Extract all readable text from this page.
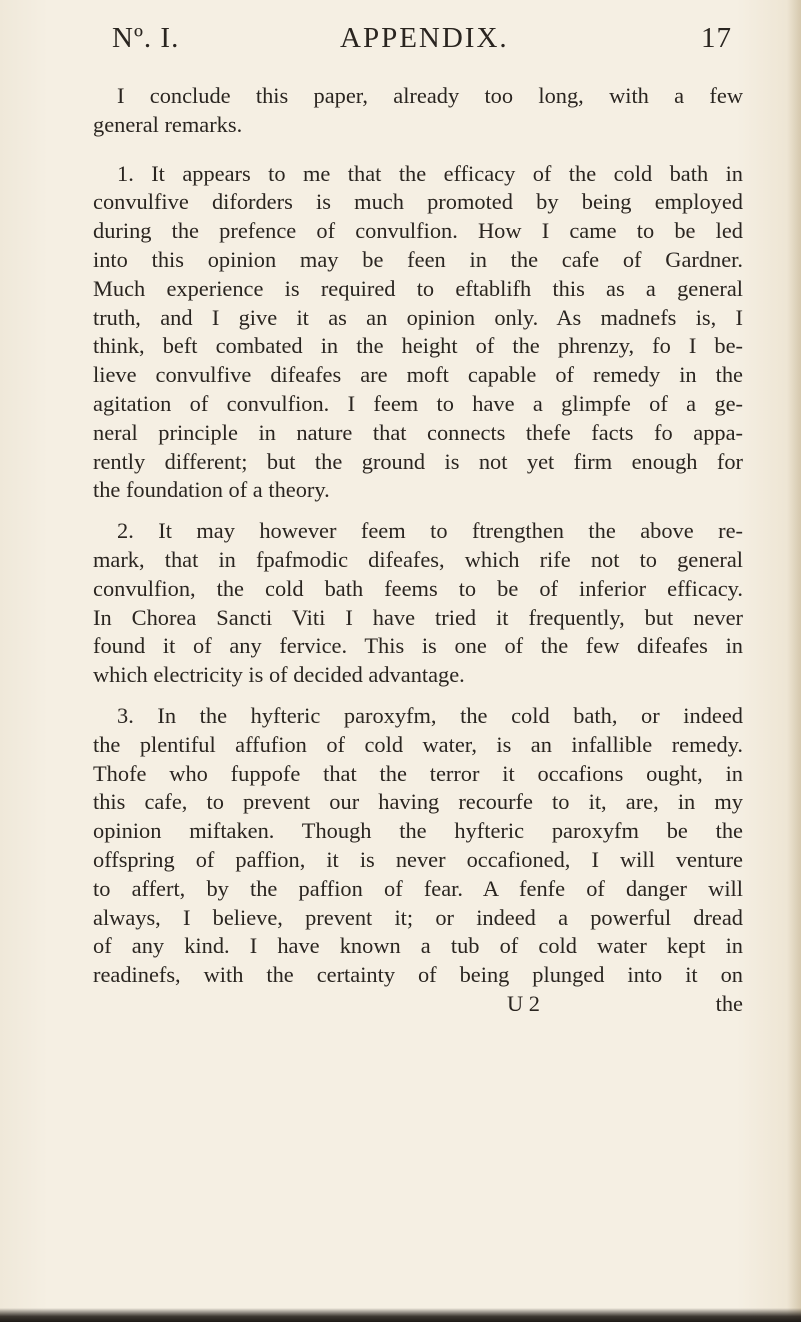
Nº. I.	APPENDIX.	17
I conclude this paper, already too long, with a few
general remarks.
1. It appears to me that the efficacy of the cold bath in
convulfive diforders is much promoted by being employed
during the prefence of convulfion. How I came to be led
into this opinion may be feen in the cafe of Gardner.
Much experience is required to eftablifh this as a general
truth, and I give it as an opinion only. As madnefs is, I
think, beft combated in the height of the phrenzy, fo I be-
lieve convulfive difeafes are moft capable of remedy in the
agitation of convulfion. I feem to have a glimpfe of a ge-
neral principle in nature that connects thefe facts fo appa-
rently different; but the ground is not yet firm enough for
the foundation of a theory.
2. It may however feem to ftrengthen the above re-
mark, that in fpafmodic difeafes, which rife not to general
convulfion, the cold bath feems to be of inferior efficacy.
In Chorea Sancti Viti I have tried it frequently, but never
found it of any fervice. This is one of the few difeafes in
which electricity is of decided advantage.
3. In the hyfteric paroxyfm, the cold bath, or indeed
the plentiful affufion of cold water, is an infallible remedy.
Thofe who fuppofe that the terror it occafions ought, in
this cafe, to prevent our having recourfe to it, are, in my
opinion miftaken. Though the hyfteric paroxyfm be the
offspring of paffion, it is never occafioned, I will venture
to affert, by the paffion of fear. A fenfe of danger will
always, I believe, prevent it; or indeed a powerful dread
of any kind. I have known a tub of cold water kept in
readinefs, with the certainty of being plunged into it on
U 2	the
